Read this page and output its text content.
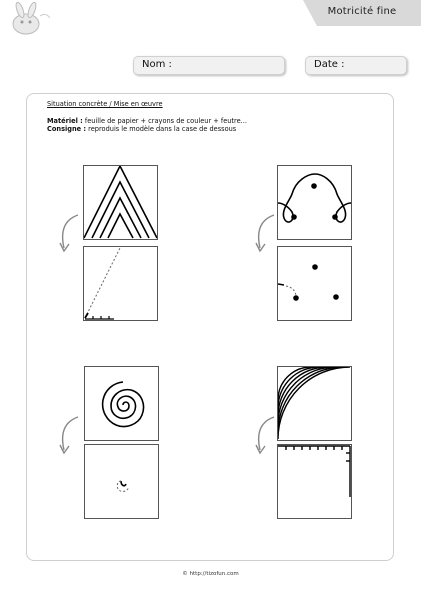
Motricité fine
Nom :	Date :
Situation concrète / Mise en œuvre
Matériel : feuille de papier + crayons de couleur + feutre...
Consigne : reproduis le modèle dans la case de dessous
© http://tizofun.com
